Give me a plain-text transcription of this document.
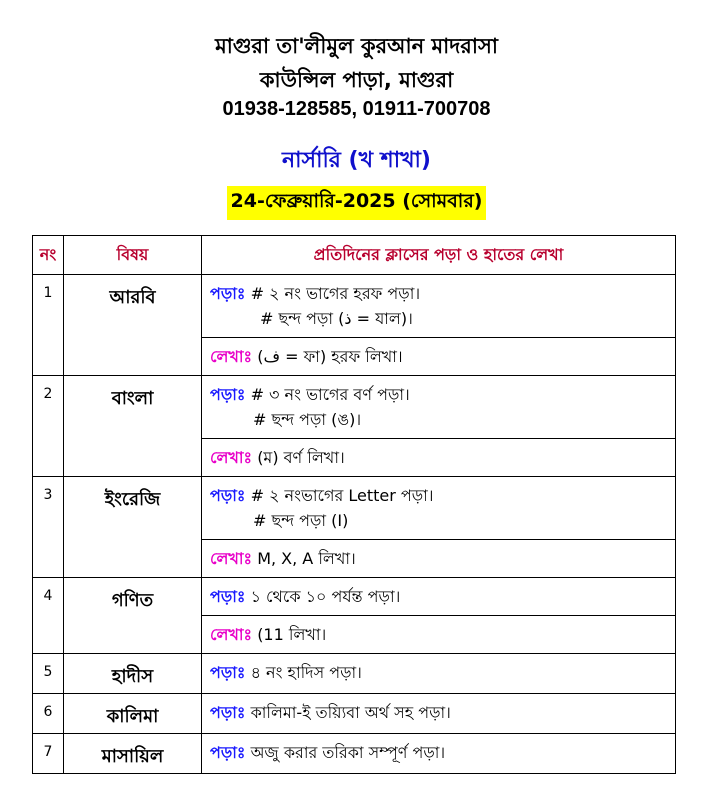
মাগুরা তা'লীমুল কুরআন মাদরাসা
কাউন্সিল পাড়া, মাগুরা
01938-128585, 01911-700708
নার্সারি (খ শাখা)
24-ফেব্রুয়ারি-2025 (সোমবার)
নং	বিষয়	প্রতিদিনের ক্লাসের পড়া ও হাতের লেখা
1	আরবি	পড়াঃ # ২ নং ভাগের হরফ পড়া।
# ছন্দ পড়া (ذ = যাল)।
লেখাঃ (ف = ফা) হরফ লিখা।

2	বাংলা	পড়াঃ # ৩ নং ভাগের বর্ণ পড়া।
# ছন্দ পড়া (ঙ)।
লেখাঃ (ম) বর্ণ লিখা।

3	ইংরেজি	পড়াঃ # ২ নংভাগের Letter পড়া।
# ছন্দ পড়া (I)
লেখাঃ M, X, A লিখা।

4	গণিত	পড়াঃ ১ থেকে ১০ পর্যন্ত পড়া।
লেখাঃ (11 লিখা।

5	হাদীস	পড়াঃ ৪ নং হাদিস পড়া।

6	কালিমা	পড়াঃ কালিমা-ই তয়্যিবা অর্থ সহ পড়া।

7	মাসায়িল	পড়াঃ অজু করার তরিকা সম্পূর্ণ পড়া।
